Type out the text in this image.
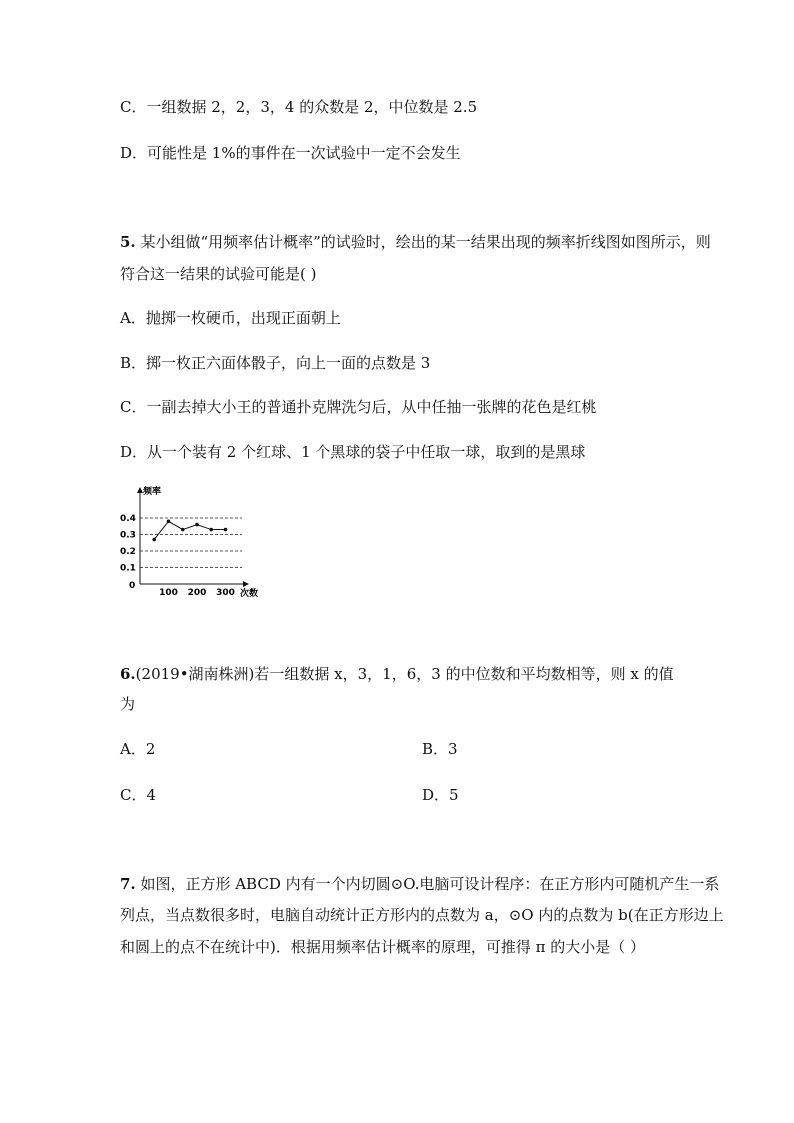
C．一组数据 2，2，3，4 的众数是 2，中位数是 2.5
D．可能性是 1%的事件在一次试验中一定不会发生
5. 某小组做“用频率估计概率”的试验时，绘出的某一结果出现的频率折线图如图所示，则
符合这一结果的试验可能是( )
A．抛掷一枚硬币，出现正面朝上
B．掷一枚正六面体骰子，向上一面的点数是 3
C．一副去掉大小王的普通扑克牌洗匀后，从中任抽一张牌的花色是红桃
D．从一个装有 2 个红球、1 个黑球的袋子中任取一球，取到的是黑球
频率
次数
0
0.1
0.2
0.3
0.4
100 200 300
6.(2019•湖南株洲)若一组数据 x，3，1，6，3 的中位数和平均数相等，则 x 的值
为
A．2	B．3
C．4	D．5
7. 如图，正方形 ABCD 内有一个内切圆⊙O.电脑可设计程序：在正方形内可随机产生一系
列点，当点数很多时，电脑自动统计正方形内的点数为 a，⊙O 内的点数为 b(在正方形边上
和圆上的点不在统计中)．根据用频率估计概率的原理，可推得 π 的大小是（ ）
